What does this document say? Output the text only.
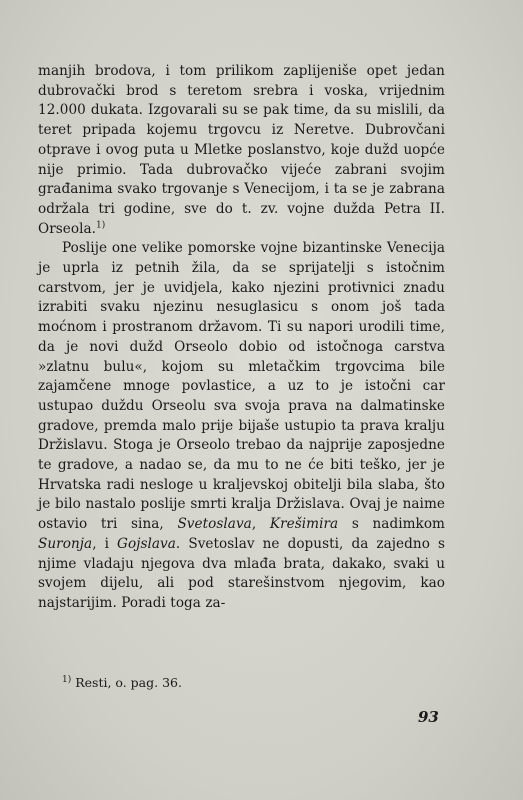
manjih brodova, i tom prilikom zaplijeniše opet jedan dubrovački brod s teretom srebra i voska, vrijednim 12.000 dukata. Izgovarali su se pak time, da su mislili, da teret pripada kojemu trgovcu iz Neretve. Dubrovčani otprave i ovog puta u Mletke poslanstvo, koje dužd uopće nije primio. Tada dubrovačko vijeće zabrani svojim građanima svako trgovanje s Venecijom, i ta se je zabrana održala tri godine, sve do t. zv. vojne dužda Petra II. Orseola.$^{1)}$

Poslije one velike pomorske vojne bizantinske Venecija je uprla iz petnih žila, da se sprijatelji s istočnim carstvom, jer je uvidjela, kako njezini protivnici znadu izrabiti svaku njezinu nesuglasicu s onom još tada moćnom i prostranom državom. Ti su napori urodili time, da je novi dužd Orseolo dobio od istočnoga carstva »zlatnu bulu«, kojom su mletačkim trgovcima bile zajamčene mnoge povlastice, a uz to je istočni car ustupao duždu Orseolu sva svoja prava na dalmatinske gradove, premda malo prije bijaše ustupio ta prava kralju Držislavu. Stoga je Orseolo trebao da najprije zaposjedne te gradove, a nadao se, da mu to ne će biti teško, jer je Hrvatska radi nesloge u kraljevskoj obitelji bila slaba, što je bilo nastalo poslije smrti kralja Držislava. Ovaj je naime ostavio tri sina, Svetoslava, Krešimira s nadimkom Suronja, i Gojslava. Svetoslav ne dopusti, da zajedno s njime vladaju njegova dva mlađa brata, dakako, svaki u svojem dijelu, ali pod starešinstvom njegovim, kao najstarijim. Poradi toga za-

$^{1)}$ Resti, o. pag. 36.
93
